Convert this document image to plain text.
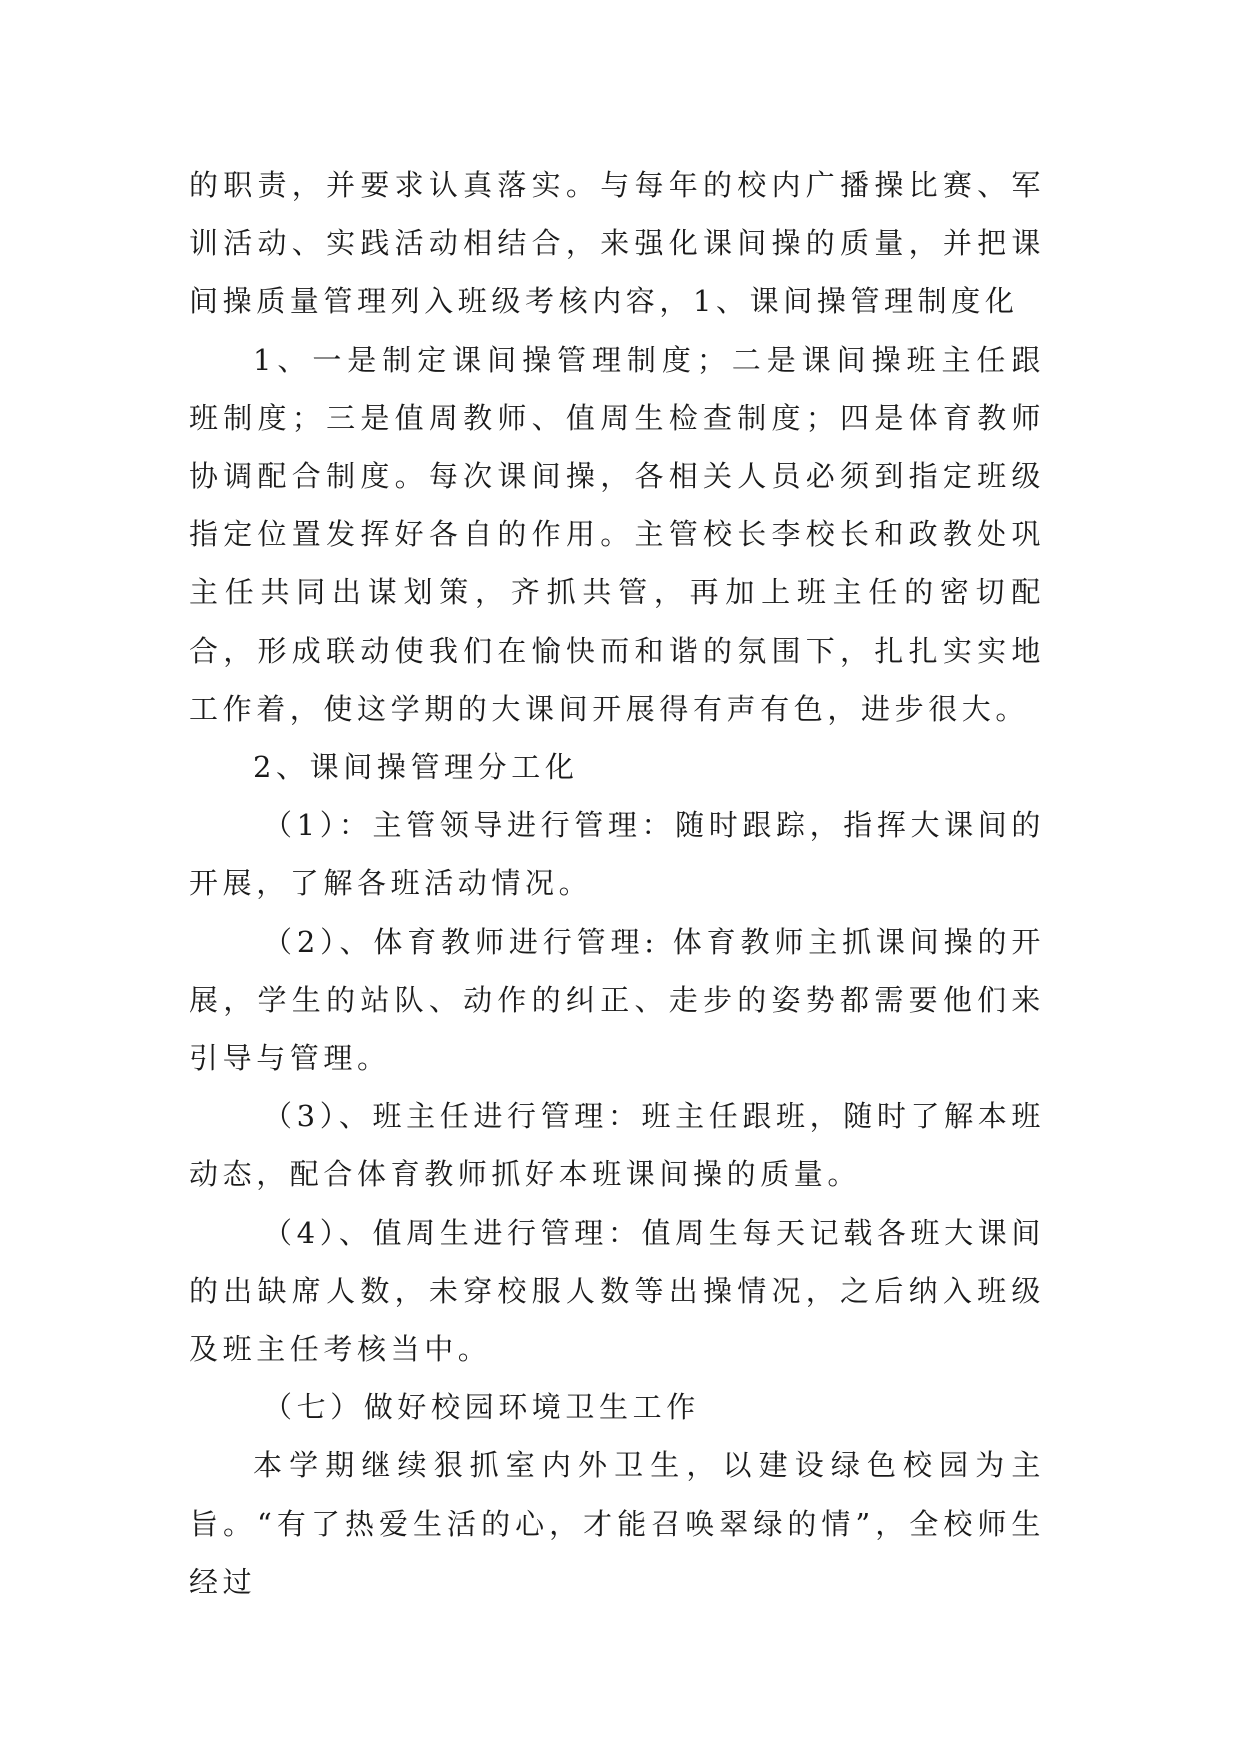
的职责，并要求认真落实。与每年的校内广播操比赛、军训活动、实践活动相结合，来强化课间操的质量，并把课间操质量管理列入班级考核内容，1、课间操管理制度化

1、一是制定课间操管理制度；二是课间操班主任跟班制度；三是值周教师、值周生检查制度；四是体育教师协调配合制度。每次课间操，各相关人员必须到指定班级指定位置发挥好各自的作用。主管校长李校长和政教处巩主任共同出谋划策，齐抓共管，再加上班主任的密切配合，形成联动使我们在愉快而和谐的氛围下，扎扎实实地工作着，使这学期的大课间开展得有声有色，进步很大。

2、课间操管理分工化

（1）：主管领导进行管理：随时跟踪，指挥大课间的开展，了解各班活动情况。

（2）、体育教师进行管理: 体育教师主抓课间操的开展，学生的站队、动作的纠正、走步的姿势都需要他们来引导与管理。

（3）、班主任进行管理：班主任跟班，随时了解本班动态，配合体育教师抓好本班课间操的质量。

（4）、值周生进行管理：值周生每天记载各班大课间的出缺席人数，未穿校服人数等出操情况，之后纳入班级及班主任考核当中。

（七）做好校园环境卫生工作

本学期继续狠抓室内外卫生，以建设绿色校园为主旨。“有了热爱生活的心，才能召唤翠绿的情”，全校师生经过
